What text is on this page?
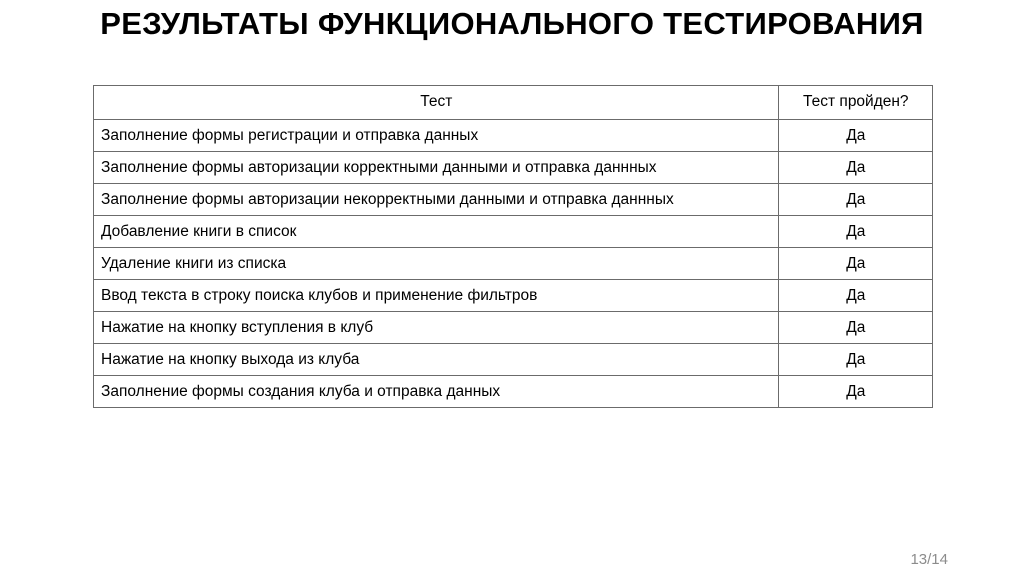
РЕЗУЛЬТАТЫ ФУНКЦИОНАЛЬНОГО ТЕСТИРОВАНИЯ
Тест	Тест пройден?
Заполнение формы регистрации и отправка данных	Да
Заполнение формы авторизации корректными данными и отправка даннных	Да
Заполнение формы авторизации некорректными данными и отправка даннных	Да
Добавление книги в список	Да
Удаление книги из списка	Да
Ввод текста в строку поиска клубов и применение фильтров	Да
Нажатие на кнопку вступления в клуб	Да
Нажатие на кнопку выхода из клуба	Да
Заполнение формы создания клуба и отправка данных	Да
13/14
